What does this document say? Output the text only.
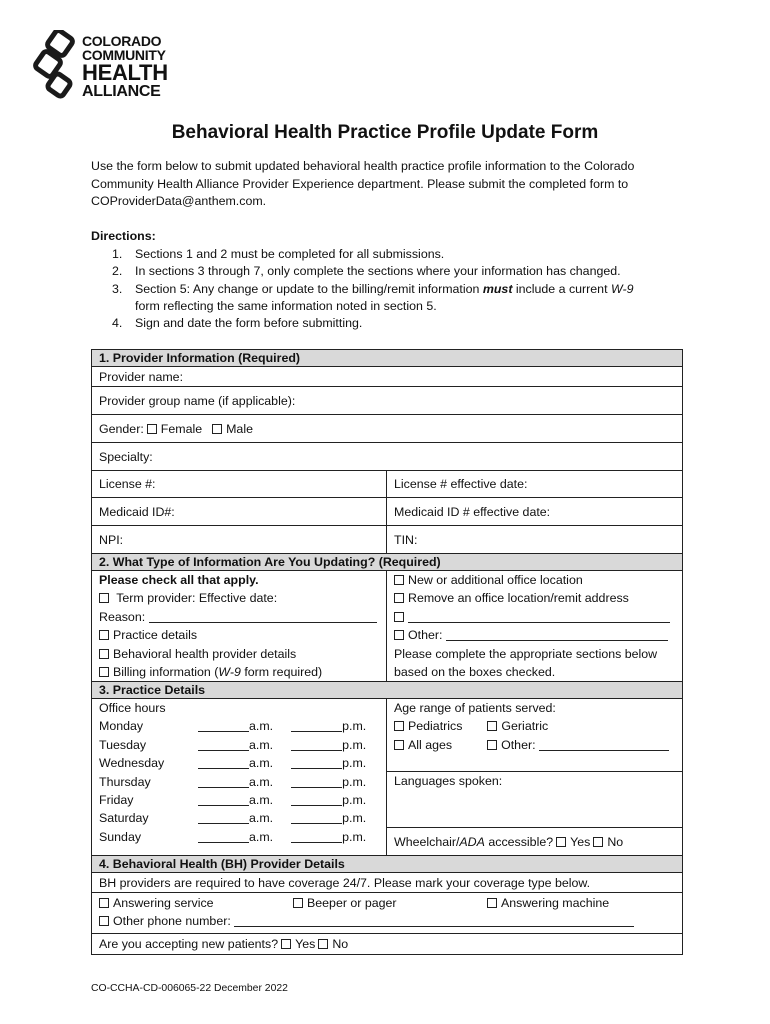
COLORADO
COMMUNITY
HEALTH
ALLIANCE
Behavioral Health Practice Profile Update Form
Use the form below to submit updated behavioral health practice profile information to the Colorado Community Health Alliance Provider Experience department. Please submit the completed form to COProviderData@anthem.com.
Directions:
1. Sections 1 and 2 must be completed for all submissions.
2. In sections 3 through 7, only complete the sections where your information has changed.
3. Section 5: Any change or update to the billing/remit information must include a current W-9
form reflecting the same information noted in section 5.
4. Sign and date the form before submitting.
1. Provider Information (Required)
Provider name:
Provider group name (if applicable):
Gender: Female Male
Specialty:
License #:	License # effective date:
Medicaid ID#:	Medicaid ID # effective date:
NPI:	TIN:
2. What Type of Information Are You Updating? (Required)
Please check all that apply.
Term provider: Effective date:
Reason:
Practice details
Behavioral health provider details
Billing information (W-9 form required)
New or additional office location
Remove an office location/remit address
Other:
Please complete the appropriate sections below based on the boxes checked.
3. Practice Details
Office hours
Monday	a.m.	p.m.
Tuesday	a.m.	p.m.
Wednesday	a.m.	p.m.
Thursday	a.m.	p.m.
Friday	a.m.	p.m.
Saturday	a.m.	p.m.
Sunday	a.m.	p.m.
Age range of patients served:
Pediatrics	Geriatric
All ages	Other:
Languages spoken:
Wheelchair/ADA accessible? Yes No
4. Behavioral Health (BH) Provider Details
BH providers are required to have coverage 24/7. Please mark your coverage type below.
Answering service	Beeper or pager	Answering machine
Other phone number:
Are you accepting new patients? Yes No
CO-CCHA-CD-006065-22 December 2022
